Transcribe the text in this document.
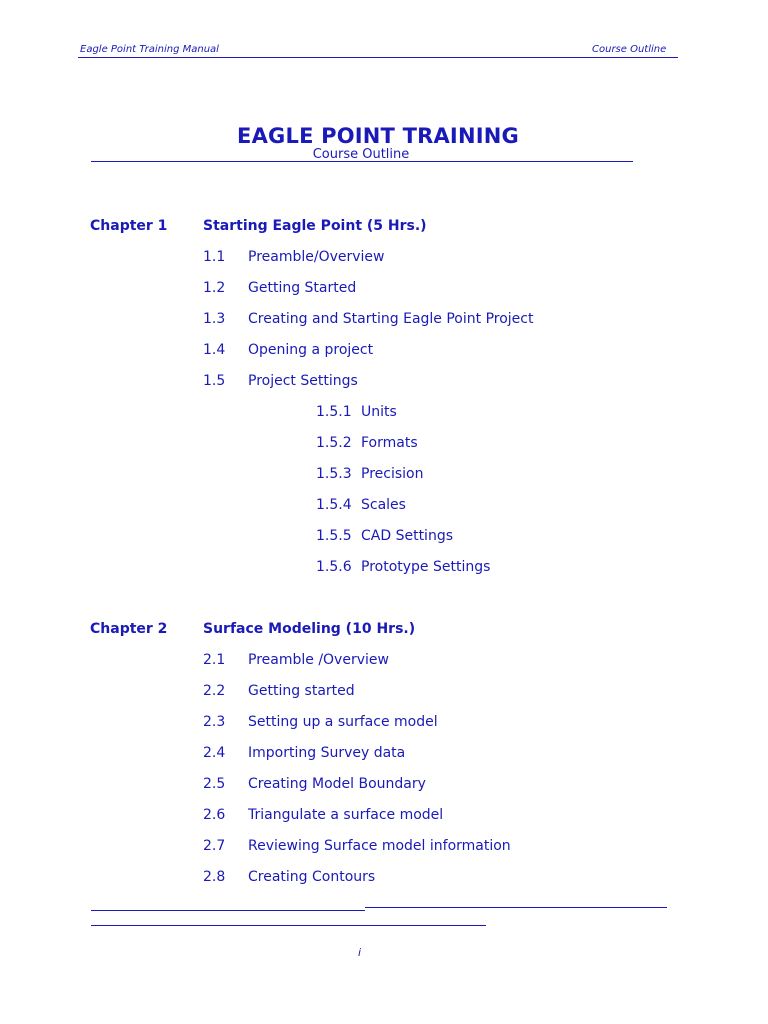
Eagle Point Training Manual	Course Outline
EAGLE POINT TRAINING
Course Outline
Chapter 1	Starting Eagle Point (5 Hrs.)
1.1 Preamble/Overview
1.2 Getting Started
1.3 Creating and Starting Eagle Point Project
1.4 Opening a project
1.5 Project Settings
1.5.1 Units
1.5.2 Formats
1.5.3 Precision
1.5.4 Scales
1.5.5 CAD Settings
1.5.6 Prototype Settings
Chapter 2	Surface Modeling (10 Hrs.)
2.1 Preamble /Overview
2.2 Getting started
2.3 Setting up a surface model
2.4 Importing Survey data
2.5 Creating Model Boundary
2.6 Triangulate a surface model
2.7 Reviewing Surface model information
2.8 Creating Contours
i
